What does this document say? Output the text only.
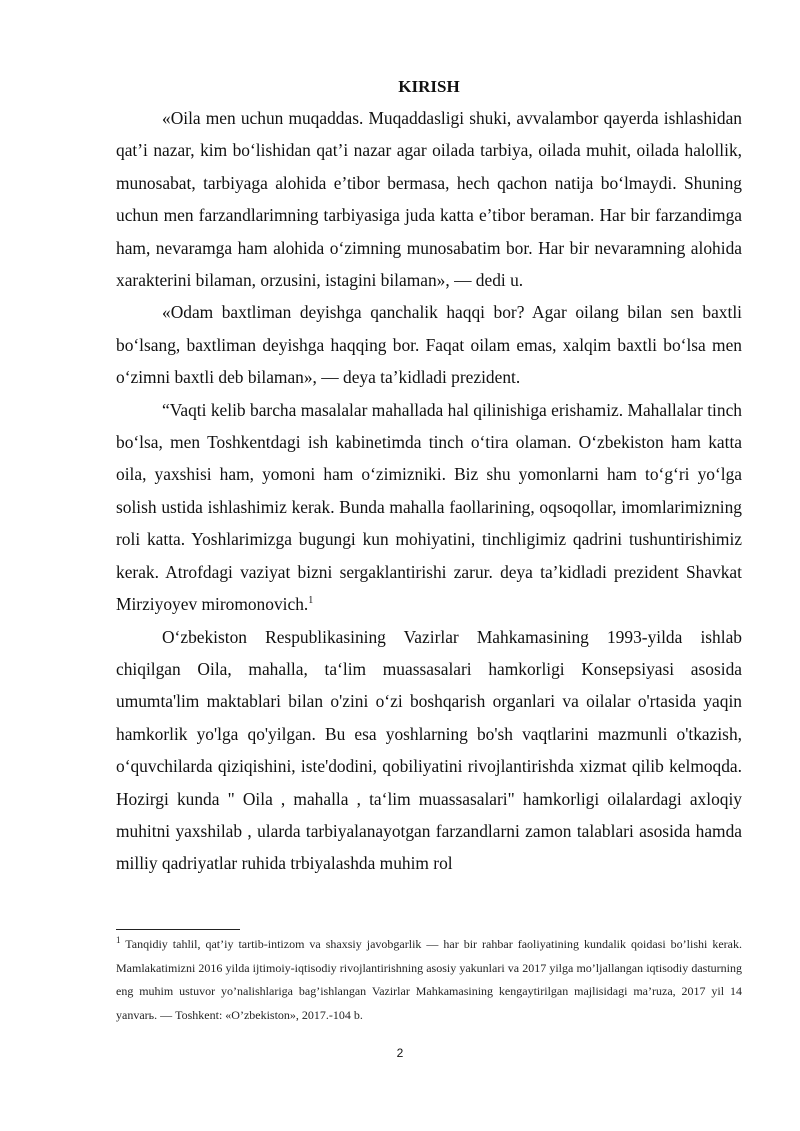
KIRISH

«Oila men uchun muqaddas. Muqaddasligi shuki, avvalambor qayerda ishlashidan qat’i nazar, kim bo‘lishidan qat’i nazar agar oilada tarbiya, oilada muhit, oilada halollik, munosabat, tarbiyaga alohida e’tibor bermasa, hech qachon natija bo‘lmaydi. Shuning uchun men farzandlarimning tarbiyasiga juda katta e’tibor beraman. Har bir farzandimga ham, nevaramga ham alohida o‘zimning munosabatim bor. Har bir nevaramning alohida xarakterini bilaman, orzusini, istagini bilaman», — dedi u.

«Odam baxtliman deyishga qanchalik haqqi bor? Agar oilang bilan sen baxtli bo‘lsang, baxtliman deyishga haqqing bor. Faqat oilam emas, xalqim baxtli bo‘lsa men o‘zimni baxtli deb bilaman», — deya ta’kidladi prezident.

“Vaqti kelib barcha masalalar mahallada hal qilinishiga erishamiz. Mahallalar tinch bo‘lsa, men Toshkentdagi ish kabinetimda tinch o‘tira olaman. O‘zbekiston ham katta oila, yaxshisi ham, yomoni ham o‘zimizniki. Biz shu yomonlarni ham to‘g‘ri yo‘lga solish ustida ishlashimiz kerak. Bunda mahalla faollarining, oqsoqollar, imomlarimizning roli katta. Yoshlarimizga bugungi kun mohiyatini, tinchligimiz qadrini tushuntirishimiz kerak. Atrofdagi vaziyat bizni sergaklantirishi zarur. deya ta’kidladi prezident Shavkat Mirziyoyev miromonovich.$^1$

O‘zbekiston Respublikasining Vazirlar Mahkamasining 1993-yilda ishlab chiqilgan Oila, mahalla, ta‘lim muassasalari hamkorligi Konsepsiyasi asosida umumta'lim maktablari bilan o'zini o‘zi boshqarish organlari va oilalar o'rtasida yaqin hamkorlik yo'lga qo'yilgan. Bu esa yoshlarning bo'sh vaqtlarini mazmunli o'tkazish, o‘quvchilarda qiziqishini, iste'dodini, qobiliyatini rivojlantirishda xizmat qilib kelmoqda. Hozirgi kunda " Oila , mahalla , ta‘lim muassasalari" hamkorligi oilalardagi axloqiy muhitni yaxshilab , ularda tarbiyalanayotgan farzandlarni zamon talablari asosida hamda milliy qadriyatlar ruhida trbiyalashda muhim rol

$^1$ Tanqidiy tahlil, qat’iy tartib-intizom va shaxsiy javobgarlik — har bir rahbar faoliyatining kundalik qoidasi bo’lishi kerak. Mamlakatimizni 2016 yilda ijtimoiy-iqtisodiy rivojlantirishning asosiy yakunlari va 2017 yilga mo’ljallangan iqtisodiy dasturning eng muhim ustuvor yo’nalishlariga bag’ishlangan Vazirlar Mahkamasining kengaytirilgan majlisidagi ma’ruza, 2017 yil 14 yanvarь. — Toshkent: «O’zbekiston», 2017.-104 b.

2
